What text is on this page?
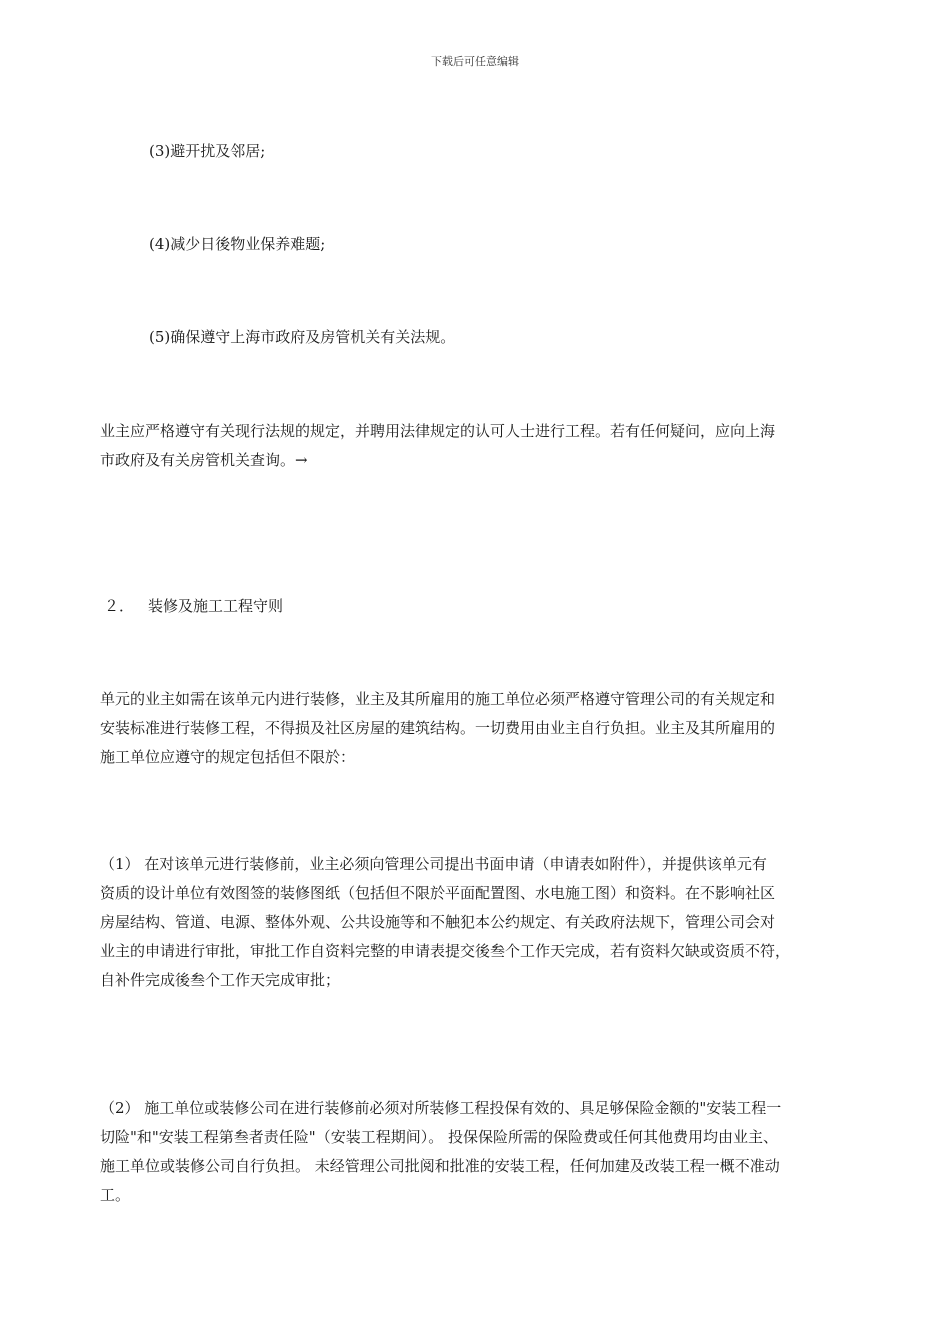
下载后可任意编辑
(3)避开扰及邻居;
(4)减少日後物业保养难题;
(5)确保遵守上海市政府及房管机关有关法规。
业主应严格遵守有关现行法规的规定，并聘用法律规定的认可人士进行工程。若有任何疑问，应向上海
市政府及有关房管机关查询。→
２． 装修及施工工程守则
单元的业主如需在该单元内进行装修，业主及其所雇用的施工单位必须严格遵守管理公司的有关规定和
安装标准进行装修工程，不得损及社区房屋的建筑结构。一切费用由业主自行负担。业主及其所雇用的
施工单位应遵守的规定包括但不限於：
（1） 在对该单元进行装修前，业主必须向管理公司提出书面申请（申请表如附件），并提供该单元有
资质的设计单位有效图签的装修图纸（包括但不限於平面配置图、水电施工图）和资料。在不影响社区
房屋结构、管道、电源、整体外观、公共设施等和不触犯本公约规定、有关政府法规下，管理公司会对
业主的申请进行审批，审批工作自资料完整的申请表提交後叁个工作天完成，若有资料欠缺或资质不符，
自补件完成後叁个工作天完成审批；
（2） 施工单位或装修公司在进行装修前必须对所装修工程投保有效的、具足够保险金额的"安装工程一
切险"和"安装工程第叁者责任险"（安装工程期间）。 投保保险所需的保险费或任何其他费用均由业主、
施工单位或装修公司自行负担。 未经管理公司批阅和批准的安装工程，任何加建及改装工程一概不准动
工。
